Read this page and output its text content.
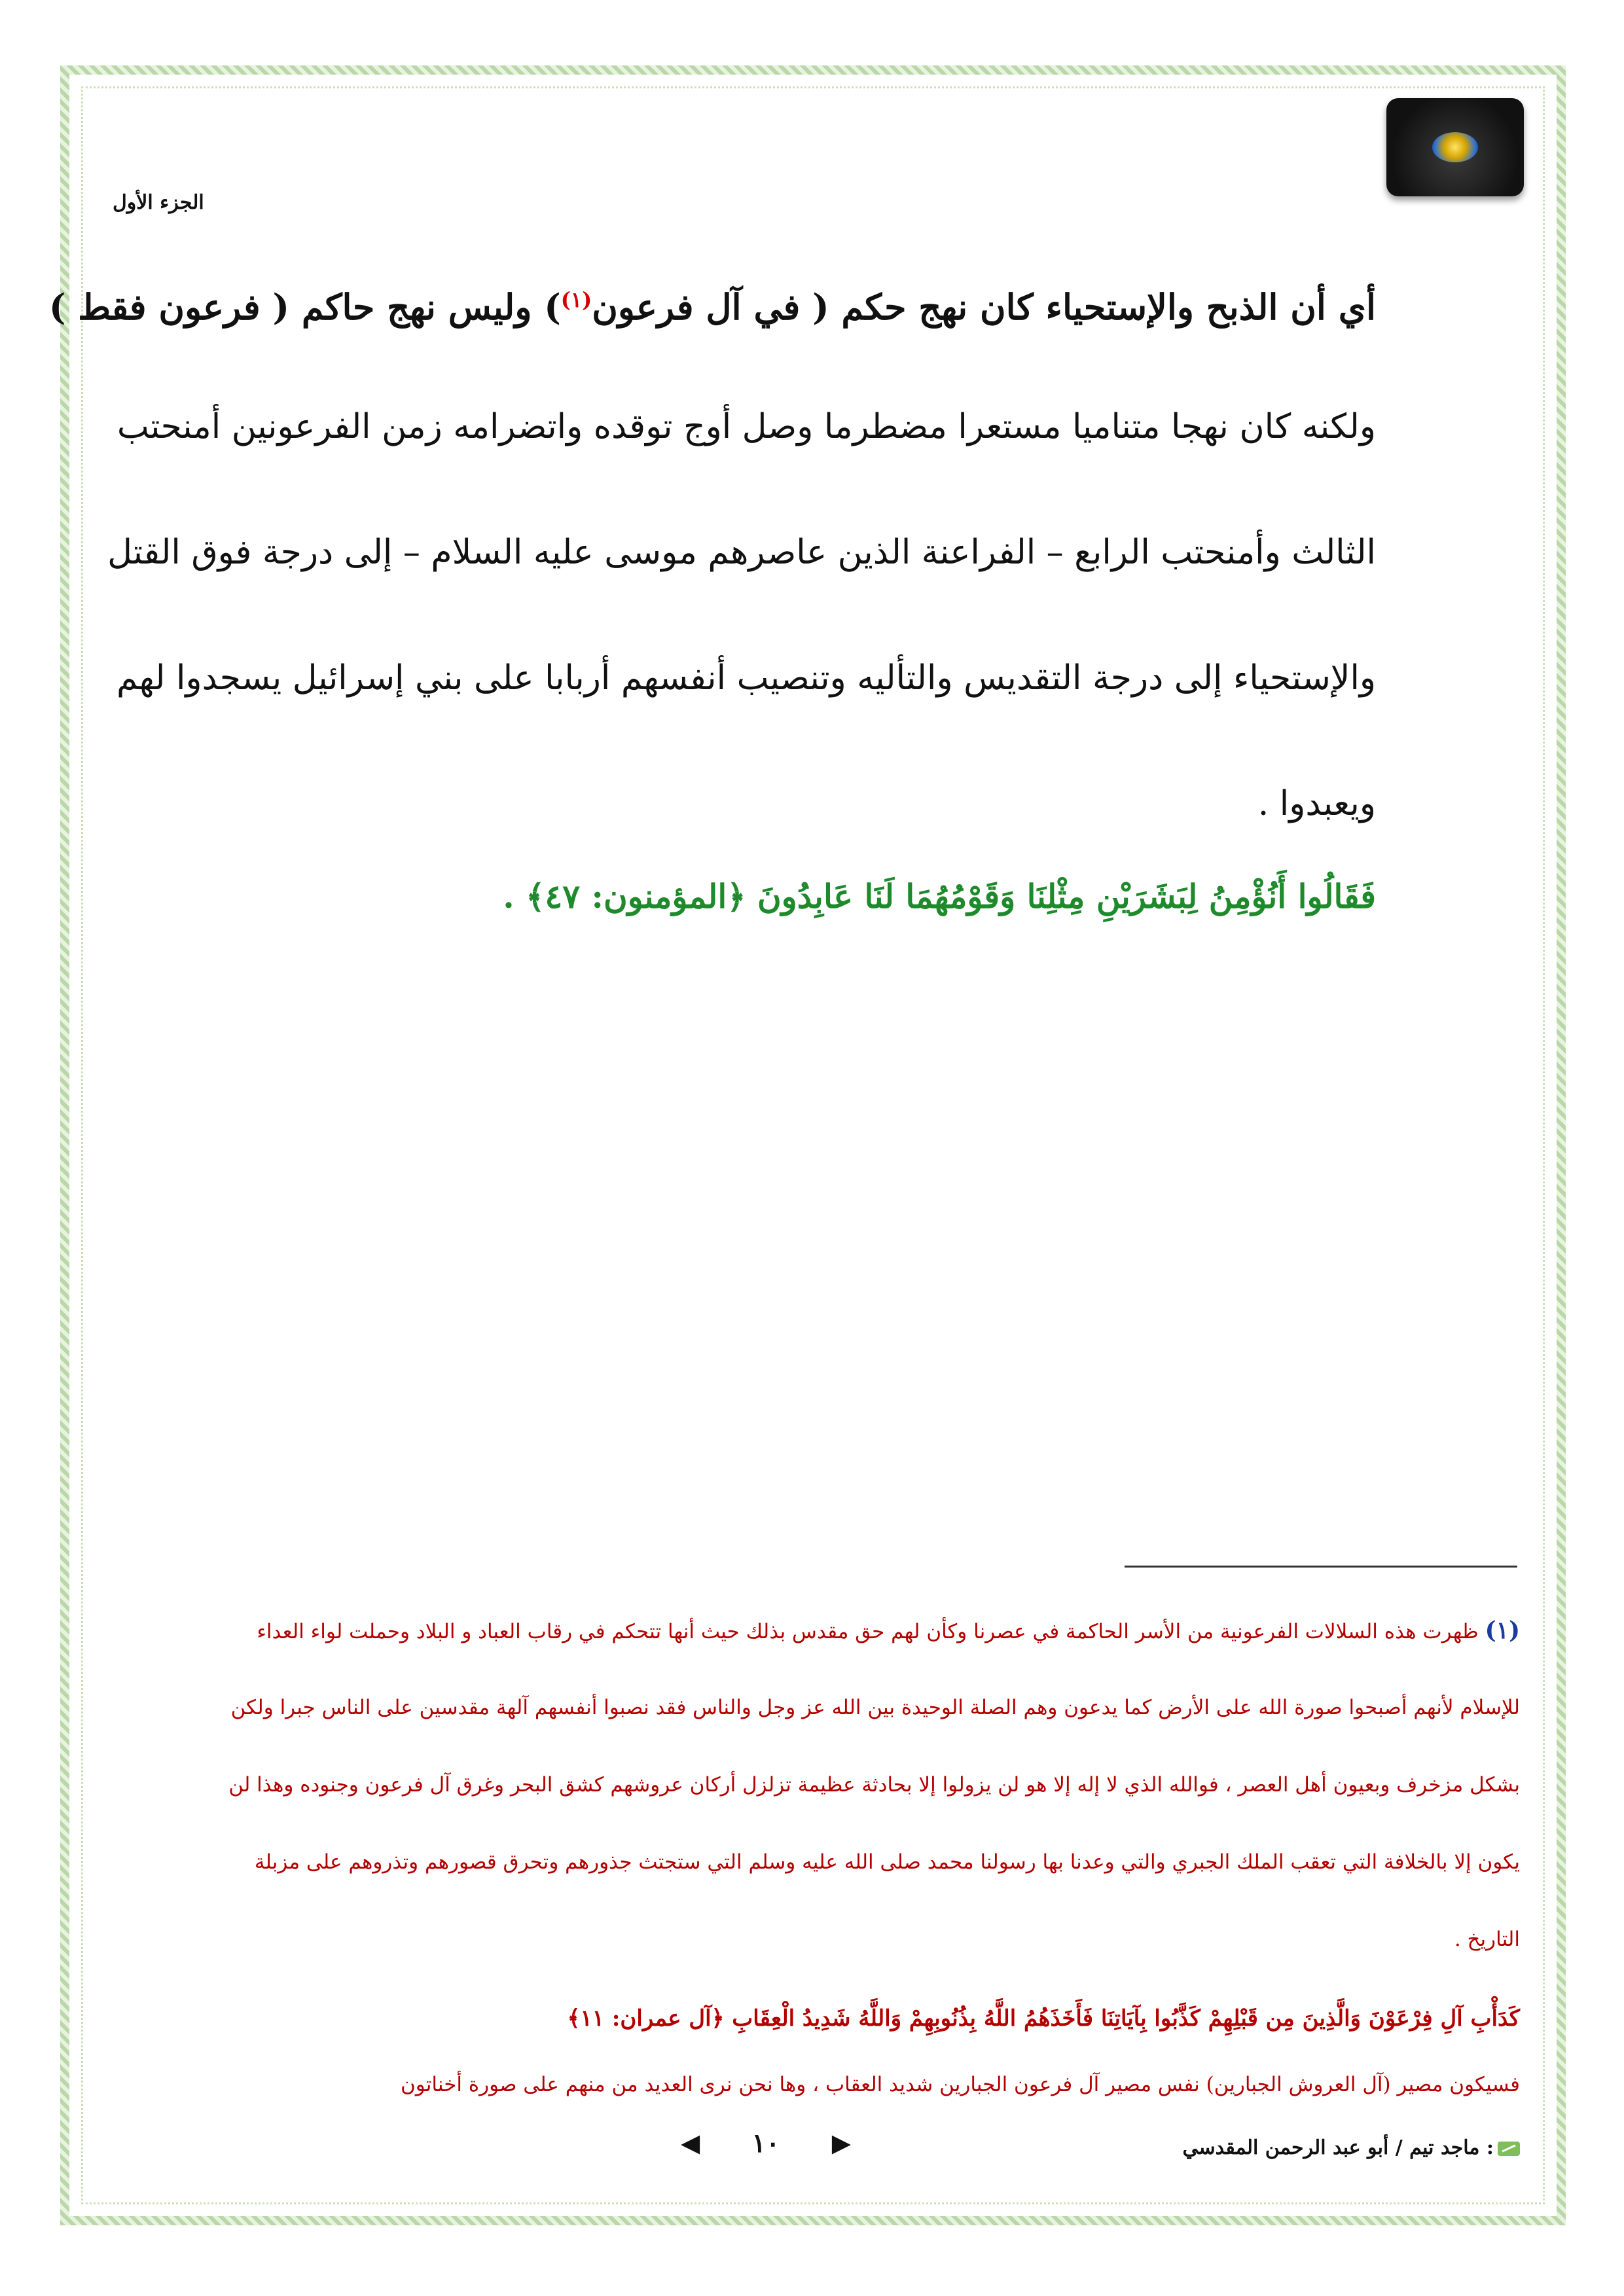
الجزء الأول
أي أن الذبح والإستحياء كان نهج حكم ( في آل فرعون$^{(١)}$) وليس نهج حاكم ( فرعون فقط )
ولكنه كان نهجا متناميا مستعرا مضطرما وصل أوج توقده واتضرامه زمن الفرعونين أمنحتب
الثالث وأمنحتب الرابع – الفراعنة الذين عاصرهم موسى عليه السلام – إلى درجة فوق القتل
والإستحياء إلى درجة التقديس والتأليه وتنصيب أنفسهم أربابا على بني إسرائيل يسجدوا لهم
ويعبدوا .
فَقَالُوا أَنُؤْمِنُ لِبَشَرَيْنِ مِثْلِنَا وَقَوْمُهُمَا لَنَا عَابِدُونَ ﴿المؤمنون: ٤٧﴾ .
(١) ظهرت هذه السلالات الفرعونية من الأسر الحاكمة في عصرنا وكأن لهم حق مقدس بذلك حيث أنها تتحكم في رقاب العباد و البلاد وحملت لواء العداء
للإسلام لأنهم أصبحوا صورة الله على الأرض كما يدعون وهم الصلة الوحيدة بين الله عز وجل والناس فقد نصبوا أنفسهم آلهة مقدسين على الناس جبرا ولكن
بشكل مزخرف وبعيون أهل العصر ، فوالله الذي لا إله إلا هو لن يزولوا إلا بحادثة عظيمة تزلزل أركان عروشهم كشق البحر وغرق آل فرعون وجنوده وهذا لن
يكون إلا بالخلافة التي تعقب الملك الجبري والتي وعدنا بها رسولنا محمد صلى الله عليه وسلم التي ستجتث جذورهم وتحرق قصورهم وتذروهم على مزبلة
التاريخ .
كَدَأْبِ آلِ فِرْعَوْنَ وَالَّذِينَ مِن قَبْلِهِمْ كَذَّبُوا بِآيَاتِنَا فَأَخَذَهُمُ اللَّهُ بِذُنُوبِهِمْ وَاللَّهُ شَدِيدُ الْعِقَابِ ﴿آل عمران: ١١﴾
فسيكون مصير (آل العروش الجبارين) نفس مصير آل فرعون الجبارين شديد العقاب ، وها نحن نرى العديد من منهم على صورة أخناتون
◀ ١٠ ▶	: ماجد تيم / أبو عبد الرحمن المقدسي
